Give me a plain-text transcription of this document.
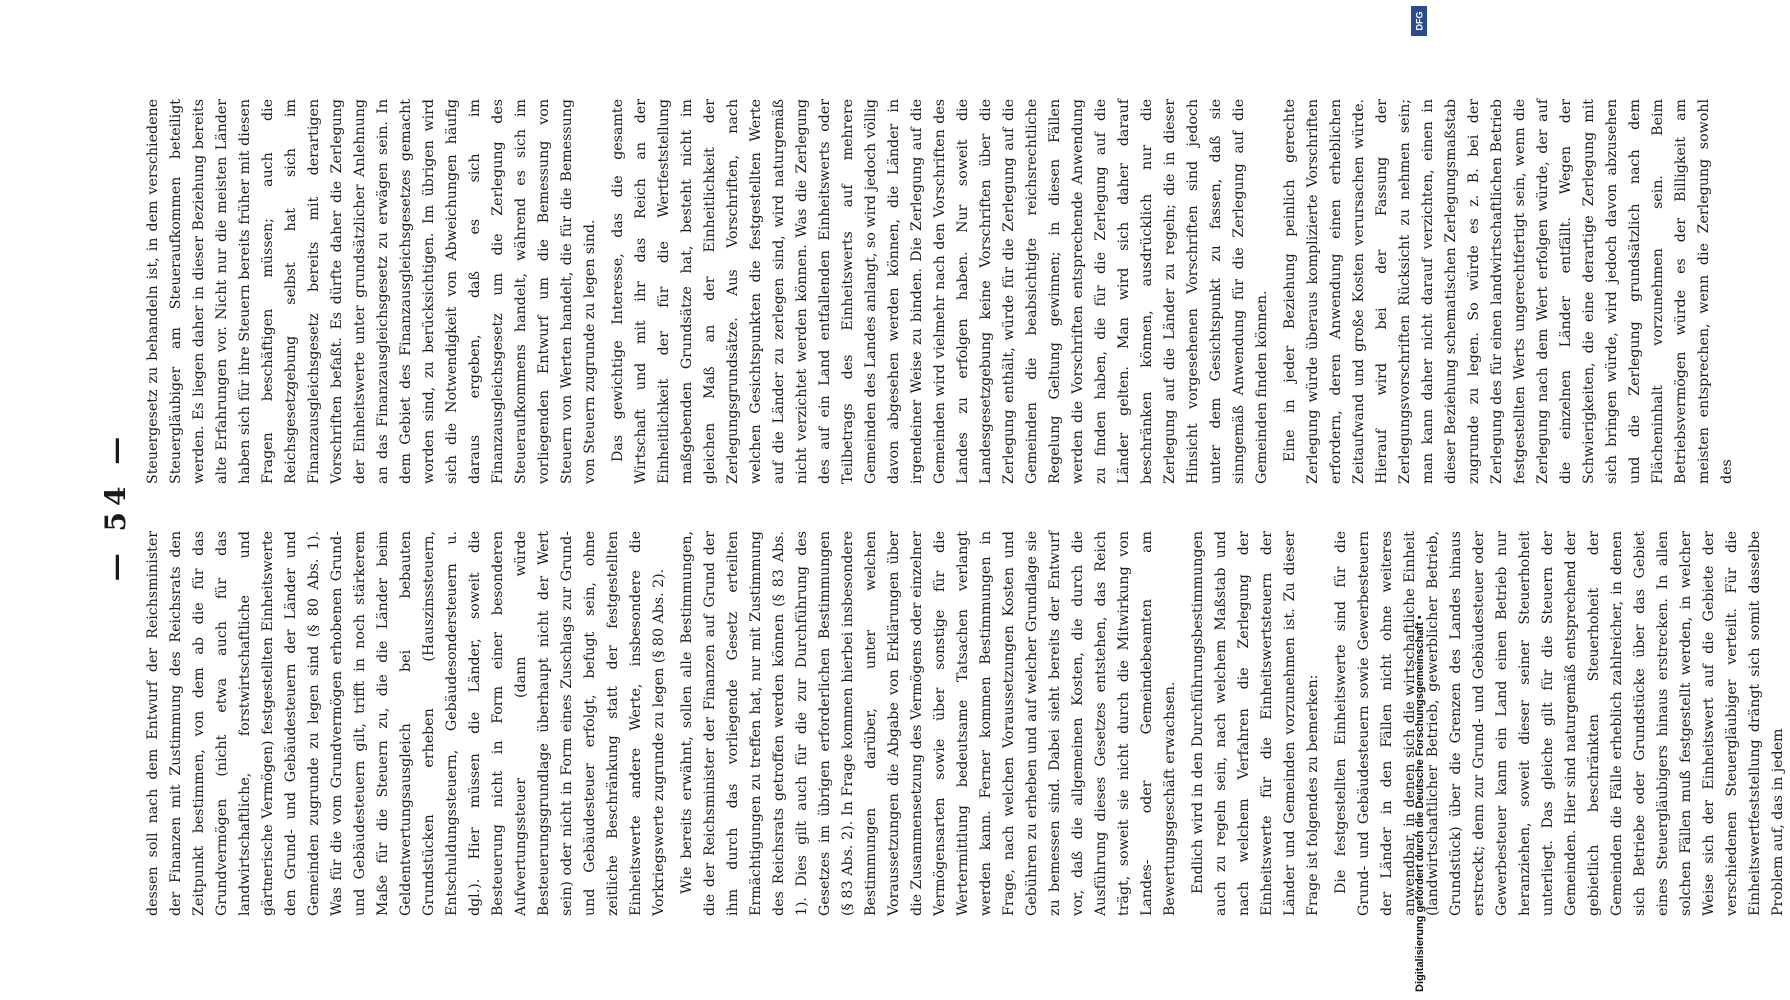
— 54 —

dessen soll nach dem Entwurf der Reichsminister der Finanzen mit Zustimmung des Reichsrats den Zeitpunkt bestimmen, von dem ab die für das Grundvermögen (nicht etwa auch für das landwirtschaftliche, forstwirtschaftliche und gärtnerische Vermögen) festgestellten Einheitswerte den Grund- und Gebäudesteuern der Länder und Gemeinden zugrunde zu legen sind (§ 80 Abs. 1). Was für die vom Grundvermögen erhobenen Grund- und Gebäudesteuern gilt, trifft in noch stärkerem Maße für die Steuern zu, die die Länder beim Geldentwertungsausgleich bei bebauten Grundstücken erheben (Hauszinssteuern, Entschuldungssteuern, Gebäudesondersteuern u. dgl.). Hier müssen die Länder, soweit die Besteuerung nicht in Form einer besonderen Aufwertungssteuer (dann würde Besteuerungsgrundlage überhaupt nicht der Wert sein) oder nicht in Form eines Zuschlags zur Grund- und Gebäudesteuer erfolgt, befugt sein, ohne zeitliche Beschränkung statt der festgestellten Einheitswerte andere Werte, insbesondere die Vorkriegswerte zugrunde zu legen (§ 80 Abs. 2). Wie bereits erwähnt, sollen alle Bestimmungen, die der Reichsminister der Finanzen auf Grund der ihm durch das vorliegende Gesetz erteilten Ermächtigungen zu treffen hat, nur mit Zustimmung des Reichsrats getroffen werden können (§ 83 Abs. 1). Dies gilt auch für die zur Durchführung des Gesetzes im übrigen erforderlichen Bestimmungen (§ 83 Abs. 2). In Frage kommen hierbei insbesondere Bestimmungen darüber, unter welchen Voraussetzungen die Abgabe von Erklärungen über die Zusammensetzung des Vermögens oder einzelner Vermögensarten sowie über sonstige für die Wertermittlung bedeutsame Tatsachen verlangt werden kann. Ferner kommen Bestimmungen in Frage, nach welchen Voraussetzungen Kosten und Gebühren zu erheben und auf welcher Grundlage sie zu bemessen sind. Dabei sieht bereits der Entwurf vor, daß die allgemeinen Kosten, die durch die Ausführung dieses Gesetzes entstehen, das Reich trägt, soweit sie nicht durch die Mitwirkung von Landes- oder Gemeindebeamten am Bewertungsgeschäft erwachsen. Endlich wird in den Durchführungsbestimmungen auch zu regeln sein, nach welchem Maßstab und nach welchem Verfahren die Zerlegung der Einheitswerte für die Einheitswertsteuern der Länder und Gemeinden vorzunehmen ist. Zu dieser Frage ist folgendes zu bemerken: Die festgestellten Einheitswerte sind für die Grund- und Gebäudesteuern sowie Gewerbesteuern der Länder in den Fällen nicht ohne weiteres anwendbar, in denen sich die wirtschaftliche Einheit (landwirtschaftlicher Betrieb, gewerblicher Betrieb, Grundstück) über die Grenzen des Landes hinaus erstreckt; denn zur Grund- und Gebäudesteuer oder Gewerbesteuer kann ein Land einen Betrieb nur heranziehen, soweit dieser seiner Steuerhoheit unterliegt. Das gleiche gilt für die Steuern der Gemeinden. Hier sind naturgemäß entsprechend der gebietlich beschränkten Steuerhoheit der Gemeinden die Fälle erheblich zahlreicher, in denen sich Betriebe oder Grundstücke über das Gebiet eines Steuergläubigers hinaus erstrecken. In allen solchen Fällen muß festgestellt werden, in welcher Weise sich der Einheitswert auf die Gebiete der verschiedenen Steuergläubiger verteilt. Für die Einheitswertfeststellung drängt sich somit dasselbe Problem auf, das in jedem

Steuergesetz zu behandeln ist, in dem verschiedene Steuergläubiger am Steueraufkommen beteiligt werden. Es liegen daher in dieser Beziehung bereits alte Erfahrungen vor. Nicht nur die meisten Länder haben sich für ihre Steuern bereits früher mit diesen Fragen beschäftigen müssen; auch die Reichsgesetzgebung selbst hat sich im Finanzausgleichsgesetz bereits mit derartigen Vorschriften befaßt. Es dürfte daher die Zerlegung der Einheitswerte unter grundsätzlicher Anlehnung an das Finanzausgleichsgesetz zu erwägen sein. In dem Gebiet des Finanzausgleichsgesetzes gemacht worden sind, zu berücksichtigen. Im übrigen wird sich die Notwendigkeit von Abweichungen häufig daraus ergeben, daß es sich im Finanzausgleichsgesetz um die Zerlegung des Steueraufkommens handelt, während es sich im vorliegenden Entwurf um die Bemessung von Steuern von Werten handelt, die für die Bemessung von Steuern zugrunde zu legen sind. Das gewichtige Interesse, das die gesamte Wirtschaft und mit ihr das Reich an der Einheitlichkeit der für die Wertfeststellung maßgebenden Grundsätze hat, besteht nicht im gleichen Maß an der Einheitlichkeit der Zerlegungsgrundsätze. Aus Vorschriften, nach welchen Gesichtspunkten die festgestellten Werte auf die Länder zu zerlegen sind, wird naturgemäß nicht verzichtet werden können. Was die Zerlegung des auf ein Land entfallenden Einheitswerts oder Teilbetrags des Einheitswerts auf mehrere Gemeinden des Landes anlangt, so wird jedoch völlig davon abgesehen werden können, die Länder in irgendeiner Weise zu binden. Die Zerlegung auf die Gemeinden wird vielmehr nach den Vorschriften des Landes zu erfolgen haben. Nur soweit die Landesgesetzgebung keine Vorschriften über die Zerlegung enthält, würde für die Zerlegung auf die Gemeinden die beabsichtigte reichsrechtliche Regelung Geltung gewinnen; in diesen Fällen werden die Vorschriften entsprechende Anwendung zu finden haben, die für die Zerlegung auf die Länder gelten. Man wird sich daher darauf beschränken können, ausdrücklich nur die Zerlegung auf die Länder zu regeln; die in dieser Hinsicht vorgesehenen Vorschriften sind jedoch unter dem Gesichtspunkt zu fassen, daß sie sinngemäß Anwendung für die Zerlegung auf die Gemeinden finden können. Eine in jeder Beziehung peinlich gerechte Zerlegung würde überaus komplizierte Vorschriften erfordern, deren Anwendung einen erheblichen Zeitaufwand und große Kosten verursachen würde. Hierauf wird bei der Fassung der Zerlegungsvorschriften Rücksicht zu nehmen sein; man kann daher nicht darauf verzichten, einen in dieser Beziehung schematischen Zerlegungsmaßstab zugrunde zu legen. So würde es z. B. bei der Zerlegung des für einen landwirtschaftlichen Betrieb festgestellten Werts ungerechtfertigt sein, wenn die Zerlegung nach dem Wert erfolgen würde, der auf die einzelnen Länder entfällt. Wegen der Schwierigkeiten, die eine derartige Zerlegung mit sich bringen würde, wird jedoch davon abzusehen und die Zerlegung grundsätzlich nach dem Flächeninhalt vorzunehmen sein. Beim Betriebsvermögen würde es der Billigkeit am meisten entsprechen, wenn die Zerlegung sowohl des

DFG
Digitalisierung gefördert durch die Deutsche Forschungsgemeinschaft •
